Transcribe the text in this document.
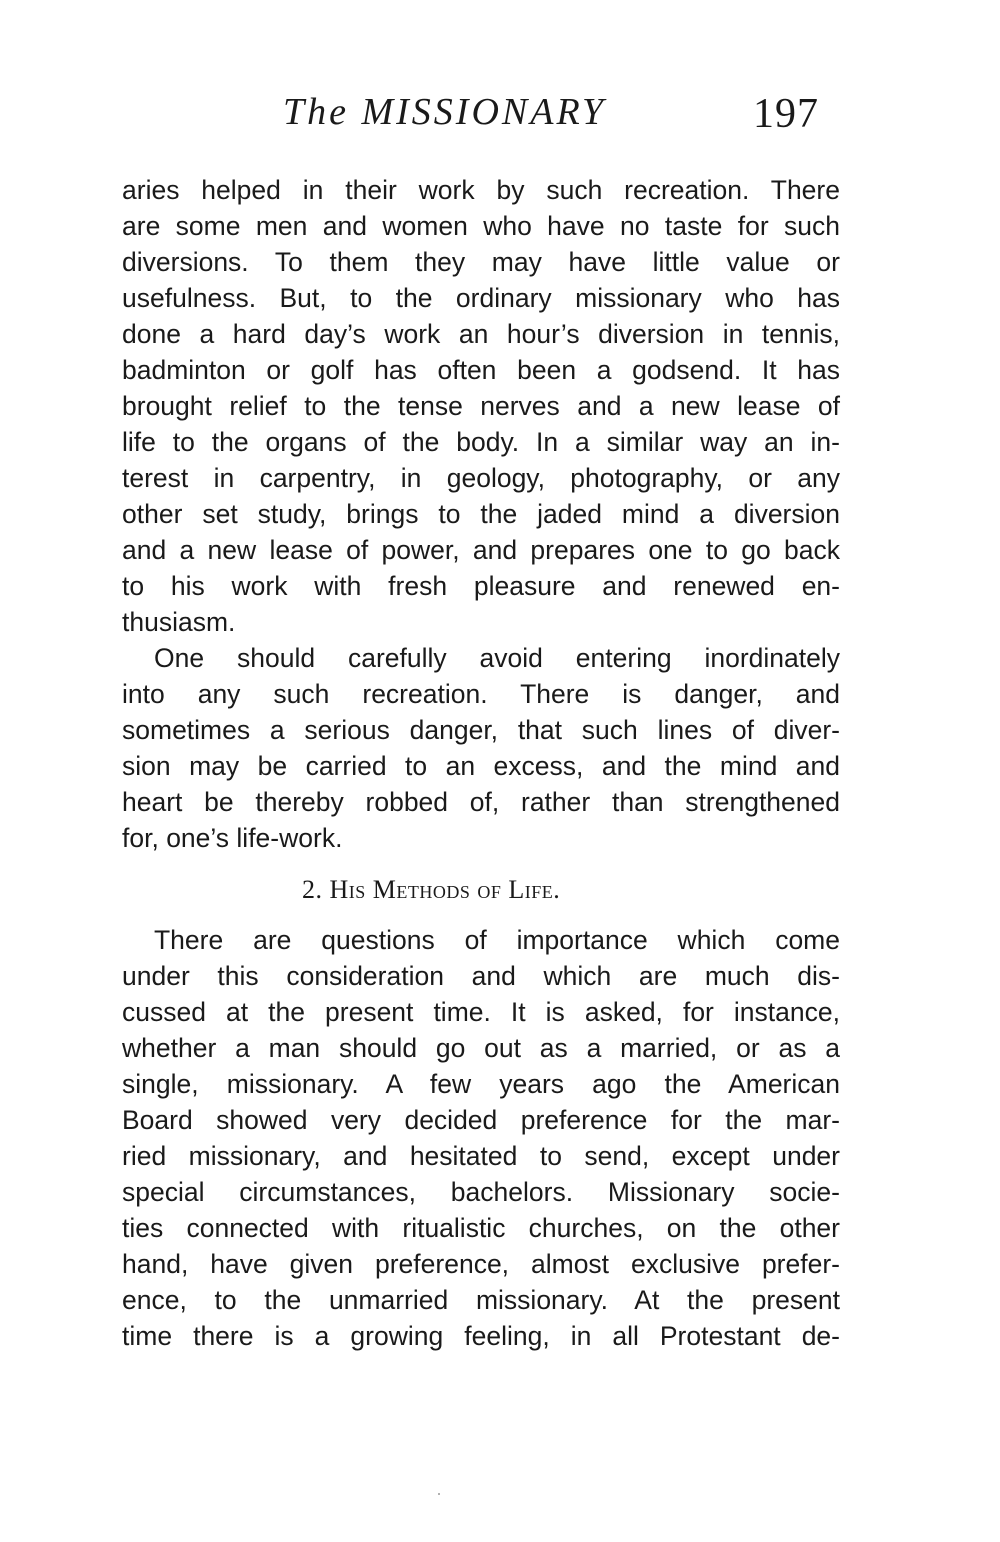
The MISSIONARY	197
aries helped in their work by such recreation. There
are some men and women who have no taste for such
diversions. To them they may have little value or
usefulness. But, to the ordinary missionary who has
done a hard day’s work an hour’s diversion in tennis,
badminton or golf has often been a godsend. It has
brought relief to the tense nerves and a new lease of
life to the organs of the body. In a similar way an in-
terest in carpentry, in geology, photography, or any
other set study, brings to the jaded mind a diversion
and a new lease of power, and prepares one to go back
to his work with fresh pleasure and renewed en-
thusiasm.
One should carefully avoid entering inordinately
into any such recreation. There is danger, and
sometimes a serious danger, that such lines of diver-
sion may be carried to an excess, and the mind and
heart be thereby robbed of, rather than strengthened
for, one’s life-work.
2. His Methods of Life.
There are questions of importance which come
under this consideration and which are much dis-
cussed at the present time. It is asked, for instance,
whether a man should go out as a married, or as a
single, missionary. A few years ago the American
Board showed very decided preference for the mar-
ried missionary, and hesitated to send, except under
special circumstances, bachelors. Missionary socie-
ties connected with ritualistic churches, on the other
hand, have given preference, almost exclusive prefer-
ence, to the unmarried missionary. At the present
time there is a growing feeling, in all Protestant de-
